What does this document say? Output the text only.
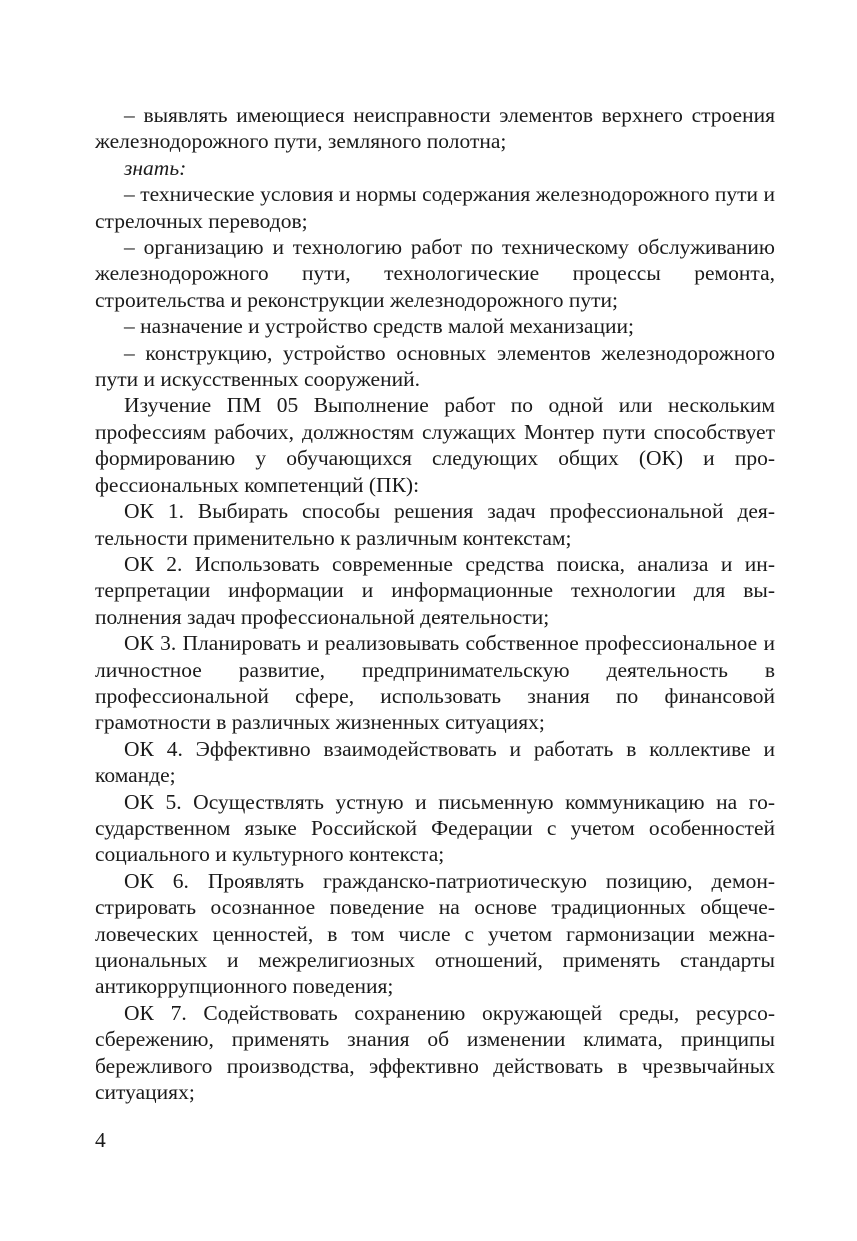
– выявлять имеющиеся неисправности элементов верхнего строения железнодорожного пути, земляного полотна;

знать:

– технические условия и нормы содержания железнодорожного пути и стрелочных переводов;

– организацию и технологию работ по техническому обслуживанию железнодорожного пути, технологические процессы ремонта, строительства и реконструкции железнодорожного пути;

– назначение и устройство средств малой механизации;

– конструкцию, устройство основных элементов железнодорожного пути и искусственных сооружений.

Изучение ПМ 05 Выполнение работ по одной или нескольким профессиям рабочих, должностям служащих Монтер пути способствует формированию у обучающихся следующих общих (ОК) и профессиональных компетенций (ПК):

ОК 1. Выбирать способы решения задач профессиональной деятельности применительно к различным контекстам;

ОК 2. Использовать современные средства поиска, анализа и интерпретации информации и информационные технологии для выполнения задач профессиональной деятельности;

ОК 3. Планировать и реализовывать собственное профессиональное и личностное развитие, предпринимательскую деятельность в профессиональной сфере, использовать знания по финансовой грамотности в различных жизненных ситуациях;

ОК 4. Эффективно взаимодействовать и работать в коллективе и команде;

ОК 5. Осуществлять устную и письменную коммуникацию на государственном языке Российской Федерации с учетом особенностей социального и культурного контекста;

ОК 6. Проявлять гражданско-патриотическую позицию, демонстрировать осознанное поведение на основе традиционных общечеловеческих ценностей, в том числе с учетом гармонизации межнациональных и межрелигиозных отношений, применять стандарты антикоррупционного поведения;

ОК 7. Содействовать сохранению окружающей среды, ресурсосбережению, применять знания об изменении климата, принципы бережливого производства, эффективно действовать в чрезвычайных ситуациях;

4
